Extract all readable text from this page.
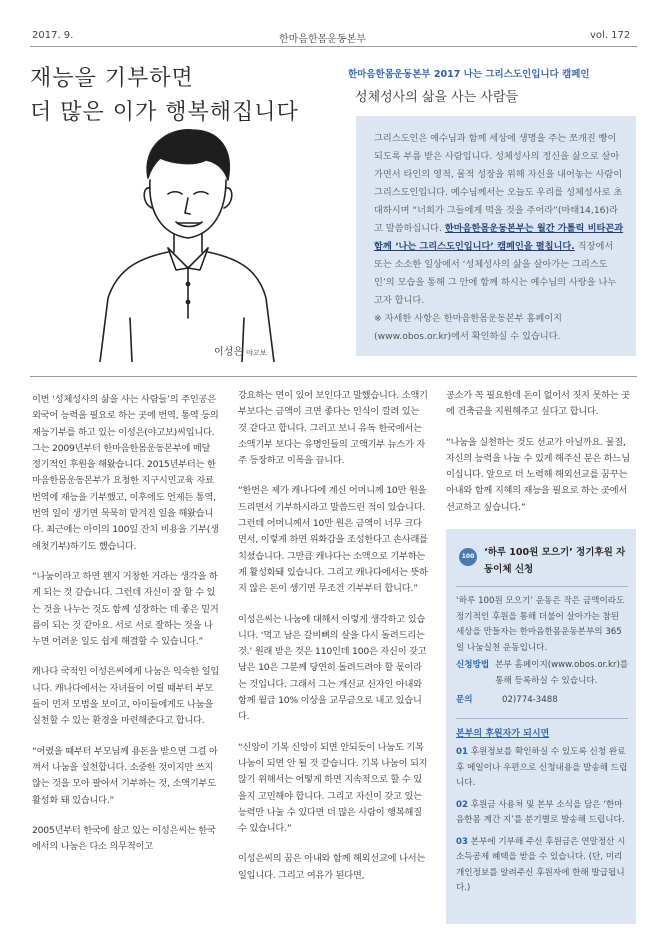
2017. 9.	한마음한몸운동본부	vol. 172
재능을 기부하면
더 많은 이가 행복해집니다
한마음한몸운동본부 2017 나는 그리스도인입니다 캠페인
성체성사의 삶을 사는 사람들
이성은 야고보

그리스도인은 예수님과 함께 세상에 생명을 주는 쪼개진 빵이 되도록 부름 받은 사람입니다. 성체성사의 정신을 삶으로 살아가면서 타인의 영적, 물적 성장을 위해 자신을 내어놓는 사람이 그리스도인입니다. 예수님께서는 오늘도 우리를 성체성사로 초대하시며 “너희가 그들에게 먹을 것을 주어라”(마태14,16)라고 말씀하십니다. 한마음한몸운동본부는 월간 가톨릭 비타꼰과 함께 ‘나는 그리스도인입니다’ 캠페인을 펼칩니다. 직장에서 또는 소소한 일상에서 ‘성체성사의 삶을 살아가는 그리스도인’의 모습을 통해 그 안에 함께 하시는 예수님의 사랑을 나누고자 합니다.

※ 자세한 사항은 한마음한몸운동본부 홈페이지 (www.obos.or.kr)에서 확인하실 수 있습니다.

이번 ‘성체성사의 삶을 사는 사람들’의 주인공은 외국어 능력을 필요로 하는 곳에 번역, 통역 등의 재능기부를 하고 있는 이성은(야고보)씨입니다. 그는 2009년부터 한마음한몸운동본부에 매달 정기적인 후원을 해왔습니다. 2015년부터는 한마음한몸운동본부가 요청한 지구시민교육 자료 번역에 재능을 기부했고, 이후에도 언제든 통역, 번역 일이 생기면 묵묵히 맡겨진 일을 해왔습니다. 최근에는 아이의 100일 잔치 비용을 기부(생애첫기부)하기도 했습니다.

“나눔이라고 하면 왠지 거창한 거라는 생각을 하게 되는 것 같습니다. 그런데 자신이 잘 할 수 있는 것을 나누는 것도 함께 성장하는 데 좋은 밑거름이 되는 것 같아요. 서로 서로 잘하는 것을 나누면 어려운 일도 쉽게 해결할 수 있습니다.”

캐나다 국적인 이성은씨에게 나눔은 익숙한 일입니다. 캐나다에서는 자녀들이 어릴 때부터 부모들이 먼저 모범을 보이고, 아이들에게도 나눔을 실천할 수 있는 환경을 마련해준다고 합니다.

“어렸을 때부터 부모님께 용돈을 받으면 그걸 아껴서 나눔을 실천합니다. 소중한 것이지만 쓰지 않는 것을 모아 팔아서 기부하는 것, 소액기부도 활성화 돼 있습니다.”

2005년부터 한국에 살고 있는 이성은씨는 한국에서의 나눔은 다소 의무적이고

강요하는 면이 있어 보인다고 말했습니다. 소액기부보다는 금액이 크면 좋다는 인식이 깔려 있는 것 같다고 합니다. 그러고 보니 유독 한국에서는 소액기부 보다는 유명인들의 고액기부 뉴스가 자주 등장하고 이목을 끕니다.

“한번은 제가 캐나다에 계신 어머니께 10만 원을 드리면서 기부하시라고 말씀드린 적이 있습니다. 그런데 어머니께서 10만 원은 금액이 너무 크다면서, 이렇게 하면 위화감을 조성한다고 손사래를 치셨습니다. 그만큼 캐나다는 소액으로 기부하는 게 활성화돼 있습니다. 그리고 캐나다에서는 뜻하지 않은 돈이 생기면 무조건 기부부터 합니다.”

이성은씨는 나눔에 대해서 이렇게 생각하고 있습니다. ‘먹고 남은 갈비뼈의 살을 다시 돌려드리는 것.’ 원래 받은 것은 110인데 100은 자신이 갖고 남은 10은 그분께 당연히 돌려드려야 할 몫이라는 것입니다. 그래서 그는 개신교 신자인 아내와 함께 월급 10% 이상을 교무금으로 내고 있습니다.

“신앙이 기복 신앙이 되면 안되듯이 나눔도 기복 나눔이 되면 안 될 것 같습니다. 기복 나눔이 되지 않기 위해서는 어떻게 하면 지속적으로 할 수 있을지 고민해야 합니다. 그리고 자신이 갖고 있는 능력만 나눌 수 있다면 더 많은 사람이 행복해질 수 있습니다.”

이성은씨의 꿈은 아내와 함께 해외선교에 나서는 일입니다. 그리고 여유가 된다면,

공소가 꼭 필요한데 돈이 없어서 짓지 못하는 곳에 건축금을 지원해주고 싶다고 합니다.

“나눔을 실천하는 것도 선교가 아닐까요. 물질, 자신의 능력을 나눌 수 있게 해주신 분은 하느님이십니다. 앞으로 더 노력해 해외선교를 꿈꾸는 아내와 함께 지혜의 재능을 필요로 하는 곳에서 선교하고 싶습니다.”

100 ‘하루 100원 모으기’ 정기후원 자동이체 신청
‘하루 100원 모으기’ 운동은 작은 금액이라도 정기적인 후원을 통해 더불어 살아가는 참된 세상을 만들자는 한마음한몸운동본부의 365일 나눔실천 운동입니다.
신청방법 본부 홈페이지(www.obos.or.kr)를 통해 등록하실 수 있습니다.
문의	02)774-3488
본부의 후원자가 되시면
01 후원정보를 확인하실 수 있도록 신청 완료 후 메일이나 우편으로 신청내용을 발송해 드립니다.
02 후원금 사용처 및 본부 소식을 담은 ‘한마음한몸 계간 지’를 분기별로 발송해 드립니다.
03 본부에 기부해 주신 후원금은 연말정산 시 소득공제 혜택을 받을 수 있습니다. (단, 미리 개인정보를 알려주신 후원자에 한해 발급됩니다.)
